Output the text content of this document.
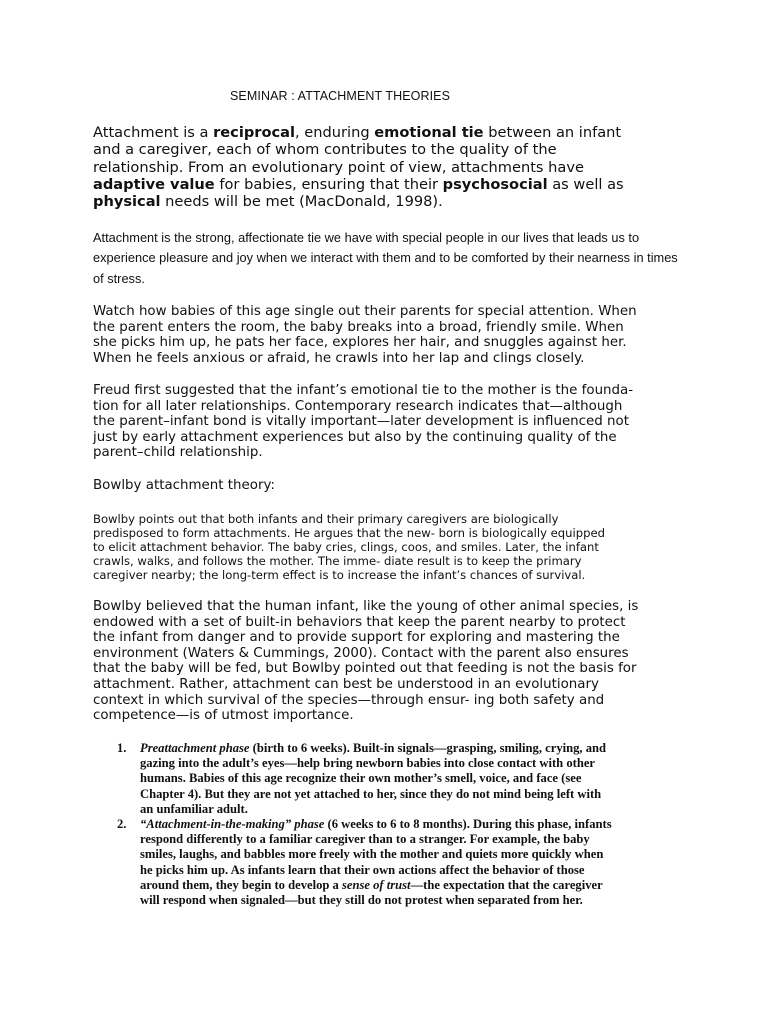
SEMINAR : ATTACHMENT THEORIES
Attachment is a reciprocal, enduring emotional tie between an infant
and a caregiver, each of whom contributes to the quality of the
relationship. From an evolutionary point of view, attachments have
adaptive value for babies, ensuring that their psychosocial as well as
physical needs will be met (MacDonald, 1998).
Attachment is the strong, affectionate tie we have with special people in our lives that leads us to experience pleasure and joy when we interact with them and to be comforted by their nearness in times of stress.
Watch how babies of this age single out their parents for special attention. When
the parent enters the room, the baby breaks into a broad, friendly smile. When
she picks him up, he pats her face, explores her hair, and snuggles against her.
When he feels anxious or afraid, he crawls into her lap and clings closely.
Freud first suggested that the infant’s emotional tie to the mother is the founda-
tion for all later relationships. Contemporary research indicates that—although
the parent–infant bond is vitally important—later development is influenced not
just by early attachment experiences but also by the continuing quality of the
parent–child relationship.
Bowlby attachment theory:
Bowlby points out that both infants and their primary caregivers are biologically
predisposed to form attachments. He argues that the new- born is biologically equipped
to elicit attachment behavior. The baby cries, clings, coos, and smiles. Later, the infant
crawls, walks, and follows the mother. The imme- diate result is to keep the primary
caregiver nearby; the long-term effect is to increase the infant’s chances of survival.
Bowlby believed that the human infant, like the young of other animal species, is
endowed with a set of built-in behaviors that keep the parent nearby to protect
the infant from danger and to provide support for exploring and mastering the
environment (Waters & Cummings, 2000). Contact with the parent also ensures
that the baby will be fed, but Bowlby pointed out that feeding is not the basis for
attachment. Rather, attachment can best be understood in an evolutionary
context in which survival of the species—through ensur- ing both safety and
competence—is of utmost importance.
1. Preattachment phase (birth to 6 weeks). Built-in signals—grasping, smiling, crying, and
gazing into the adult’s eyes—help bring newborn babies into close contact with other
humans. Babies of this age recognize their own mother’s smell, voice, and face (see
Chapter 4). But they are not yet attached to her, since they do not mind being left with
an unfamiliar adult.
2. “Attachment-in-the-making” phase (6 weeks to 6 to 8 months). During this phase, infants
respond differently to a familiar caregiver than to a stranger. For example, the baby
smiles, laughs, and babbles more freely with the mother and quiets more quickly when
he picks him up. As infants learn that their own actions affect the behavior of those
around them, they begin to develop a sense of trust—the expectation that the caregiver
will respond when signaled—but they still do not protest when separated from her.
